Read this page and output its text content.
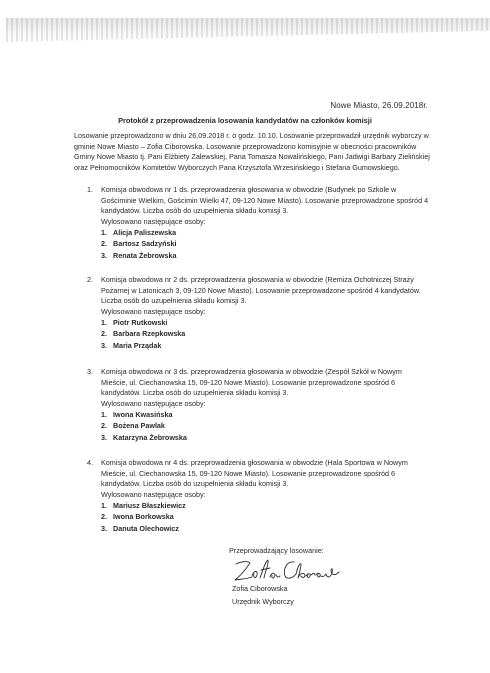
Nowe Miasto, 26.09.2018r.
Protokół z przeprowadzenia losowania kandydatów na członków komisji
Losowanie przeprowadzono w dniu 26.09.2018 r. o godz. 10.10. Losowanie przeprowadził urzędnik wyborczy w gminie Nowe Miasto – Zofia Ciborowska. Losowanie przeprowadzono komisyjnie w obecności pracowników Gminy Nowe Miasto tj. Pani Elżbiety Zalewskiej, Pana Tomasza Nowalińskiego, Pani Jadwigi Barbary Zielińskiej oraz Pełnomocników Komitetów Wyborczych Pana Krzysztofa Wrzesińskiego i Stefana Gumowskiego.
1. Komisja obwodowa nr 1 ds. przeprowadzenia głosowania w obwodzie (Budynek po Szkole w Gościminie Wielkim, Gościmin Wielki 47, 09-120 Nowe Miasto). Losowanie przeprowadzone spośród 4 kandydatów. Liczba osób do uzupełnienia składu komisji 3.
Wylosowano następujące osoby:
1. Alicja Paliszewska
2. Bartosz Sadzyński
3. Renata Żebrowska
2. Komisja obwodowa nr 2 ds. przeprowadzenia głosowania w obwodzie (Remiza Ochotniczej Straży Pożarnej w Latonicach 3, 09-120 Nowe Miasto). Losowanie przeprowadzone spośród 4 kandydatów. Liczba osób do uzupełnienia składu komisji 3.
Wylosowano następujące osoby:
1. Piotr Rutkowski
2. Barbara Rzepkowska
3. Maria Prządak
3. Komisja obwodowa nr 3 ds. przeprowadzenia głosowania w obwodzie (Zespół Szkół w Nowym Mieście, ul. Ciechanowska 15, 09-120 Nowe Miasto). Losowanie przeprowadzone spośród 6 kandydatów. Liczba osób do uzupełnienia składu komisji 3.
Wylosowano następujące osoby:
1. Iwona Kwasińska
2. Bożena Pawlak
3. Katarzyna Żebrowska
4. Komisja obwodowa nr 4 ds. przeprowadzenia głosowania w obwodzie (Hala Sportowa w Nowym Mieście, ul. Ciechanowska 15, 09-120 Nowe Miasto). Losowanie przeprowadzone spośród 6 kandydatów. Liczba osób do uzupełnienia składu komisji 3.
Wylosowano następujące osoby:
1. Mariusz Błaszkiewicz
2. Iwona Borkowska
3. Danuta Olechowicz
Przeprowadzający losowanie:
Zofia Ciborowska
Urzędnik Wyborczy
